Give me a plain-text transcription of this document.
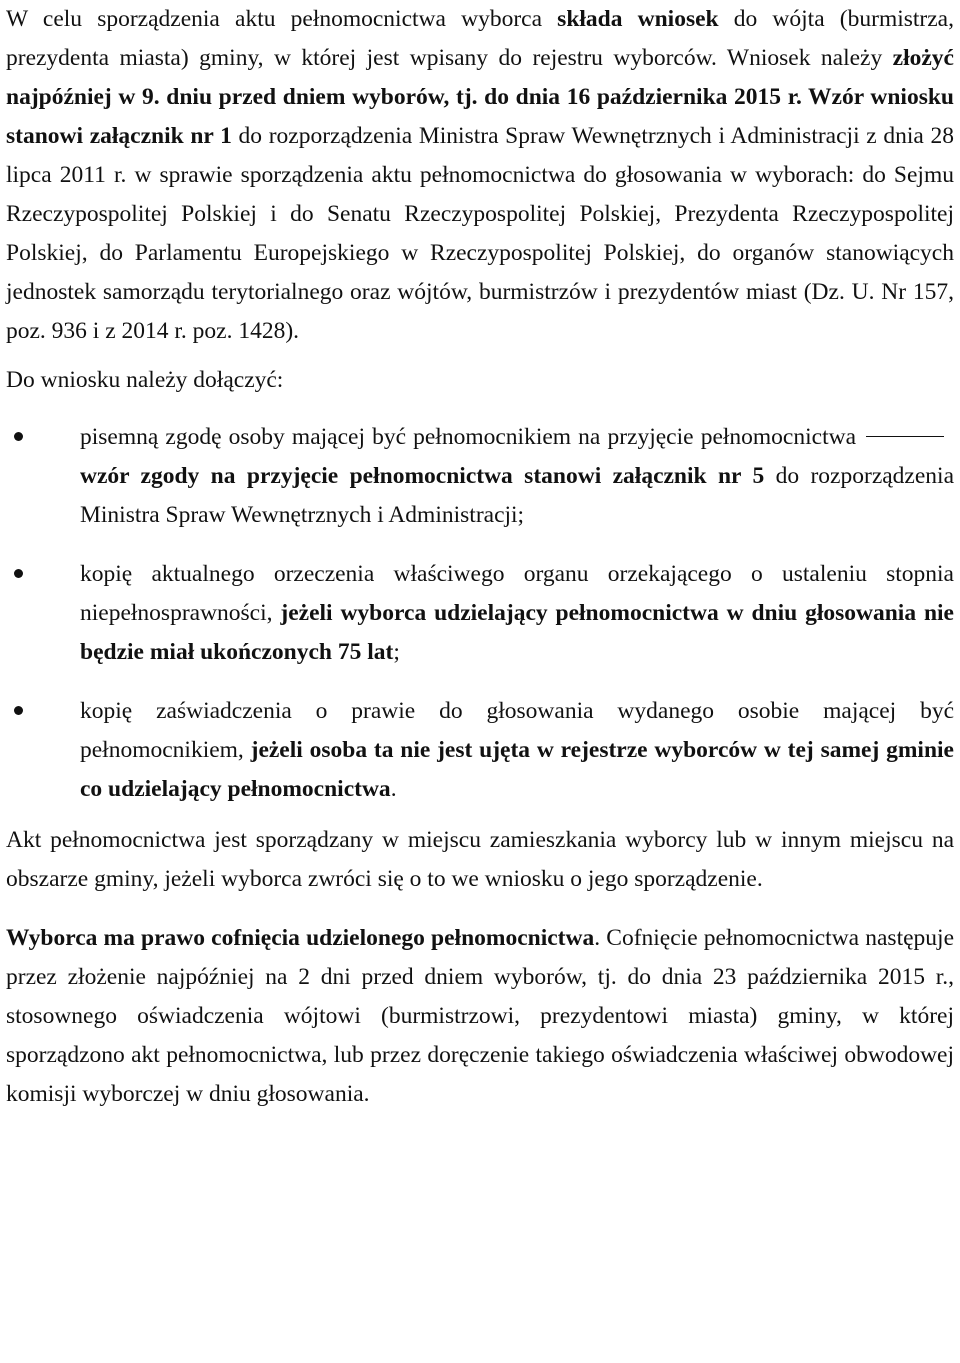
W celu sporządzenia aktu pełnomocnictwa wyborca składa wniosek do wójta (burmistrza, prezydenta miasta) gminy, w której jest wpisany do rejestru wyborców. Wniosek należy złożyć najpóźniej w 9. dniu przed dniem wyborów, tj. do dnia 16 października 2015 r. Wzór wniosku stanowi załącznik nr 1 do rozporządzenia Ministra Spraw Wewnętrznych i Administracji z dnia 28 lipca 2011 r. w sprawie sporządzenia aktu pełnomocnictwa do głosowania w wyborach: do Sejmu Rzeczypospolitej Polskiej i do Senatu Rzeczypospolitej Polskiej, Prezydenta Rzeczypospolitej Polskiej, do Parlamentu Europejskiego w Rzeczypospolitej Polskiej, do organów stanowiących jednostek samorządu terytorialnego oraz wójtów, burmistrzów i prezydentów miast (Dz. U. Nr 157, poz. 936 i z 2014 r. poz. 1428).

Do wniosku należy dołączyć:

pisemną zgodę osoby mającej być pełnomocnikiem na przyjęcie pełnomocnictwawzór zgody na przyjęcie pełnomocnictwa stanowi załącznik nr 5 do rozporządzenia Ministra Spraw Wewnętrznych i Administracji;
kopię aktualnego orzeczenia właściwego organu orzekającego o ustaleniu stopnia niepełnosprawności, jeżeli wyborca udzielający pełnomocnictwa w dniu głosowania nie będzie miał ukończonych 75 lat;
kopię zaświadczenia o prawie do głosowania wydanego osobie mającej być pełnomocnikiem, jeżeli osoba ta nie jest ujęta w rejestrze wyborców w tej samej gminie co udzielający pełnomocnictwa.

Akt pełnomocnictwa jest sporządzany w miejscu zamieszkania wyborcy lub w innym miejscu na obszarze gminy, jeżeli wyborca zwróci się o to we wniosku o jego sporządzenie.

Wyborca ma prawo cofnięcia udzielonego pełnomocnictwa. Cofnięcie pełnomocnictwa następuje przez złożenie najpóźniej na 2 dni przed dniem wyborów, tj. do dnia 23 października 2015 r., stosownego oświadczenia wójtowi (burmistrzowi, prezydentowi miasta) gminy, w której sporządzono akt pełnomocnictwa, lub przez doręczenie takiego oświadczenia właściwej obwodowej komisji wyborczej w dniu głosowania.
